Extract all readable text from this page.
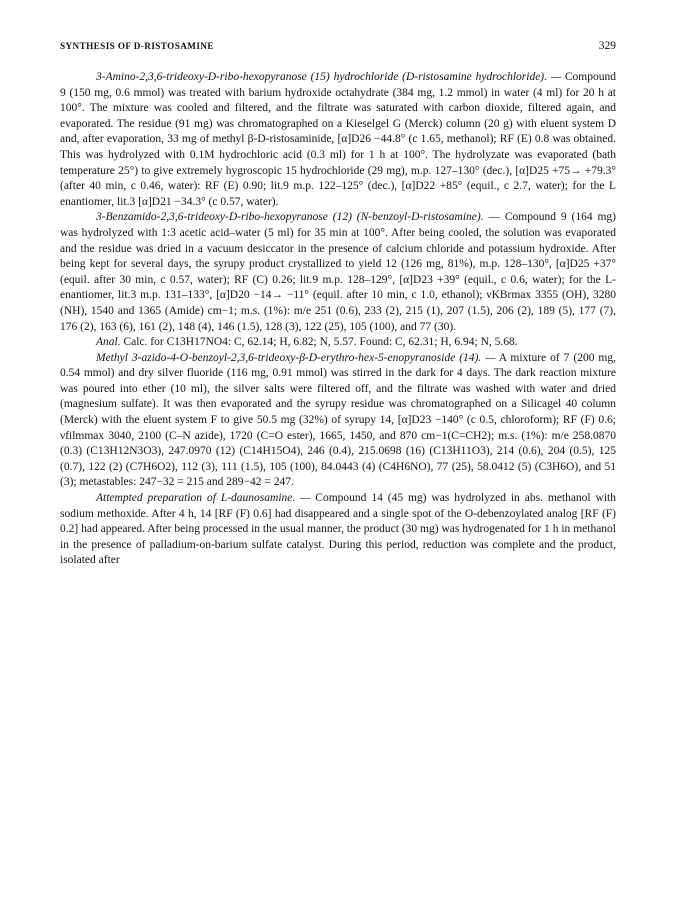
SYNTHESIS OF D-RISTOSAMINE	329

3-Amino-2,3,6-trideoxy-D-ribo-hexopyranose (15) hydrochloride (D-ristosamine hydrochloride). — Compound 9 (150 mg, 0.6 mmol) was treated with barium hydroxide octahydrate (384 mg, 1.2 mmol) in water (4 ml) for 20 h at 100°. The mixture was cooled and filtered, and the filtrate was saturated with carbon dioxide, filtered again, and evaporated. The residue (91 mg) was chromatographed on a Kieselgel G (Merck) column (20 g) with eluent system D and, after evaporation, 33 mg of methyl β-D-ristosaminide, [α]D26 −44.8° (c 1.65, methanol); RF (E) 0.8 was obtained. This was hydrolyzed with 0.1M hydrochloric acid (0.3 ml) for 1 h at 100°. The hydrolyzate was evaporated (bath temperature 25°) to give extremely hygroscopic 15 hydrochloride (29 mg), m.p. 127–130° (dec.), [α]D25 +75→ +79.3° (after 40 min, c 0.46, water): RF (E) 0.90; lit.9 m.p. 122–125° (dec.), [α]D22 +85° (equil., c 2.7, water); for the L enantiomer, lit.3 [α]D21 −34.3° (c 0.57, water).

3-Benzamido-2,3,6-trideoxy-D-ribo-hexopyranose (12) (N-benzoyl-D-ristosamine). — Compound 9 (164 mg) was hydrolyzed with 1:3 acetic acid–water (5 ml) for 35 min at 100°. After being cooled, the solution was evaporated and the residue was dried in a vacuum desiccator in the presence of calcium chloride and potassium hydroxide. After being kept for several days, the syrupy product crystallized to yield 12 (126 mg, 81%), m.p. 128–130°, [α]D25 +37° (equil. after 30 min, c 0.57, water); RF (C) 0.26; lit.9 m.p. 128–129°, [α]D23 +39° (equil., c 0.6, water); for the L-enantiomer, lit.3 m.p. 131–133°, [α]D20 −14→ −11° (equil. after 10 min, c 1.0, ethanol); νKBrmax 3355 (OH), 3280 (NH), 1540 and 1365 (Amide) cm−1; m.s. (1%): m/e 251 (0.6), 233 (2), 215 (1), 207 (1.5), 206 (2), 189 (5), 177 (7), 176 (2), 163 (6), 161 (2), 148 (4), 146 (1.5), 128 (3), 122 (25), 105 (100), and 77 (30).

Anal. Calc. for C13H17NO4: C, 62.14; H, 6.82; N, 5.57. Found: C, 62.31; H, 6.94; N, 5.68.

Methyl 3-azido-4-O-benzoyl-2,3,6-trideoxy-β-D-erythro-hex-5-enopyranoside (14). — A mixture of 7 (200 mg, 0.54 mmol) and dry silver fluoride (116 mg, 0.91 mmol) was stirred in the dark for 4 days. The dark reaction mixture was poured into ether (10 ml), the silver salts were filtered off, and the filtrate was washed with water and dried (magnesium sulfate). It was then evaporated and the syrupy residue was chromatographed on a Silicagel 40 column (Merck) with the eluent system F to give 50.5 mg (32%) of syrupy 14, [α]D23 −140° (c 0.5, chloroform); RF (F) 0.6; νfilmmax 3040, 2100 (C–N azide), 1720 (C=O ester), 1665, 1450, and 870 cm−1(C=CH2); m.s. (1%): m/e 258.0870 (0.3) (C13H12N3O3), 247.0970 (12) (C14H15O4), 246 (0.4), 215.0698 (16) (C13H11O3), 214 (0.6), 204 (0.5), 125 (0.7), 122 (2) (C7H6O2), 112 (3), 111 (1.5), 105 (100), 84.0443 (4) (C4H6NO), 77 (25), 58.0412 (5) (C3H6O), and 51 (3); metastables: 247−32 = 215 and 289−42 = 247.

Attempted preparation of L-daunosamine. — Compound 14 (45 mg) was hydrolyzed in abs. methanol with sodium methoxide. After 4 h, 14 [RF (F) 0.6] had disappeared and a single spot of the O-debenzoylated analog [RF (F) 0.2] had appeared. After being processed in the usual manner, the product (30 mg) was hydrogenated for 1 h in methanol in the presence of palladium-on-barium sulfate catalyst. During this period, reduction was complete and the product, isolated after
